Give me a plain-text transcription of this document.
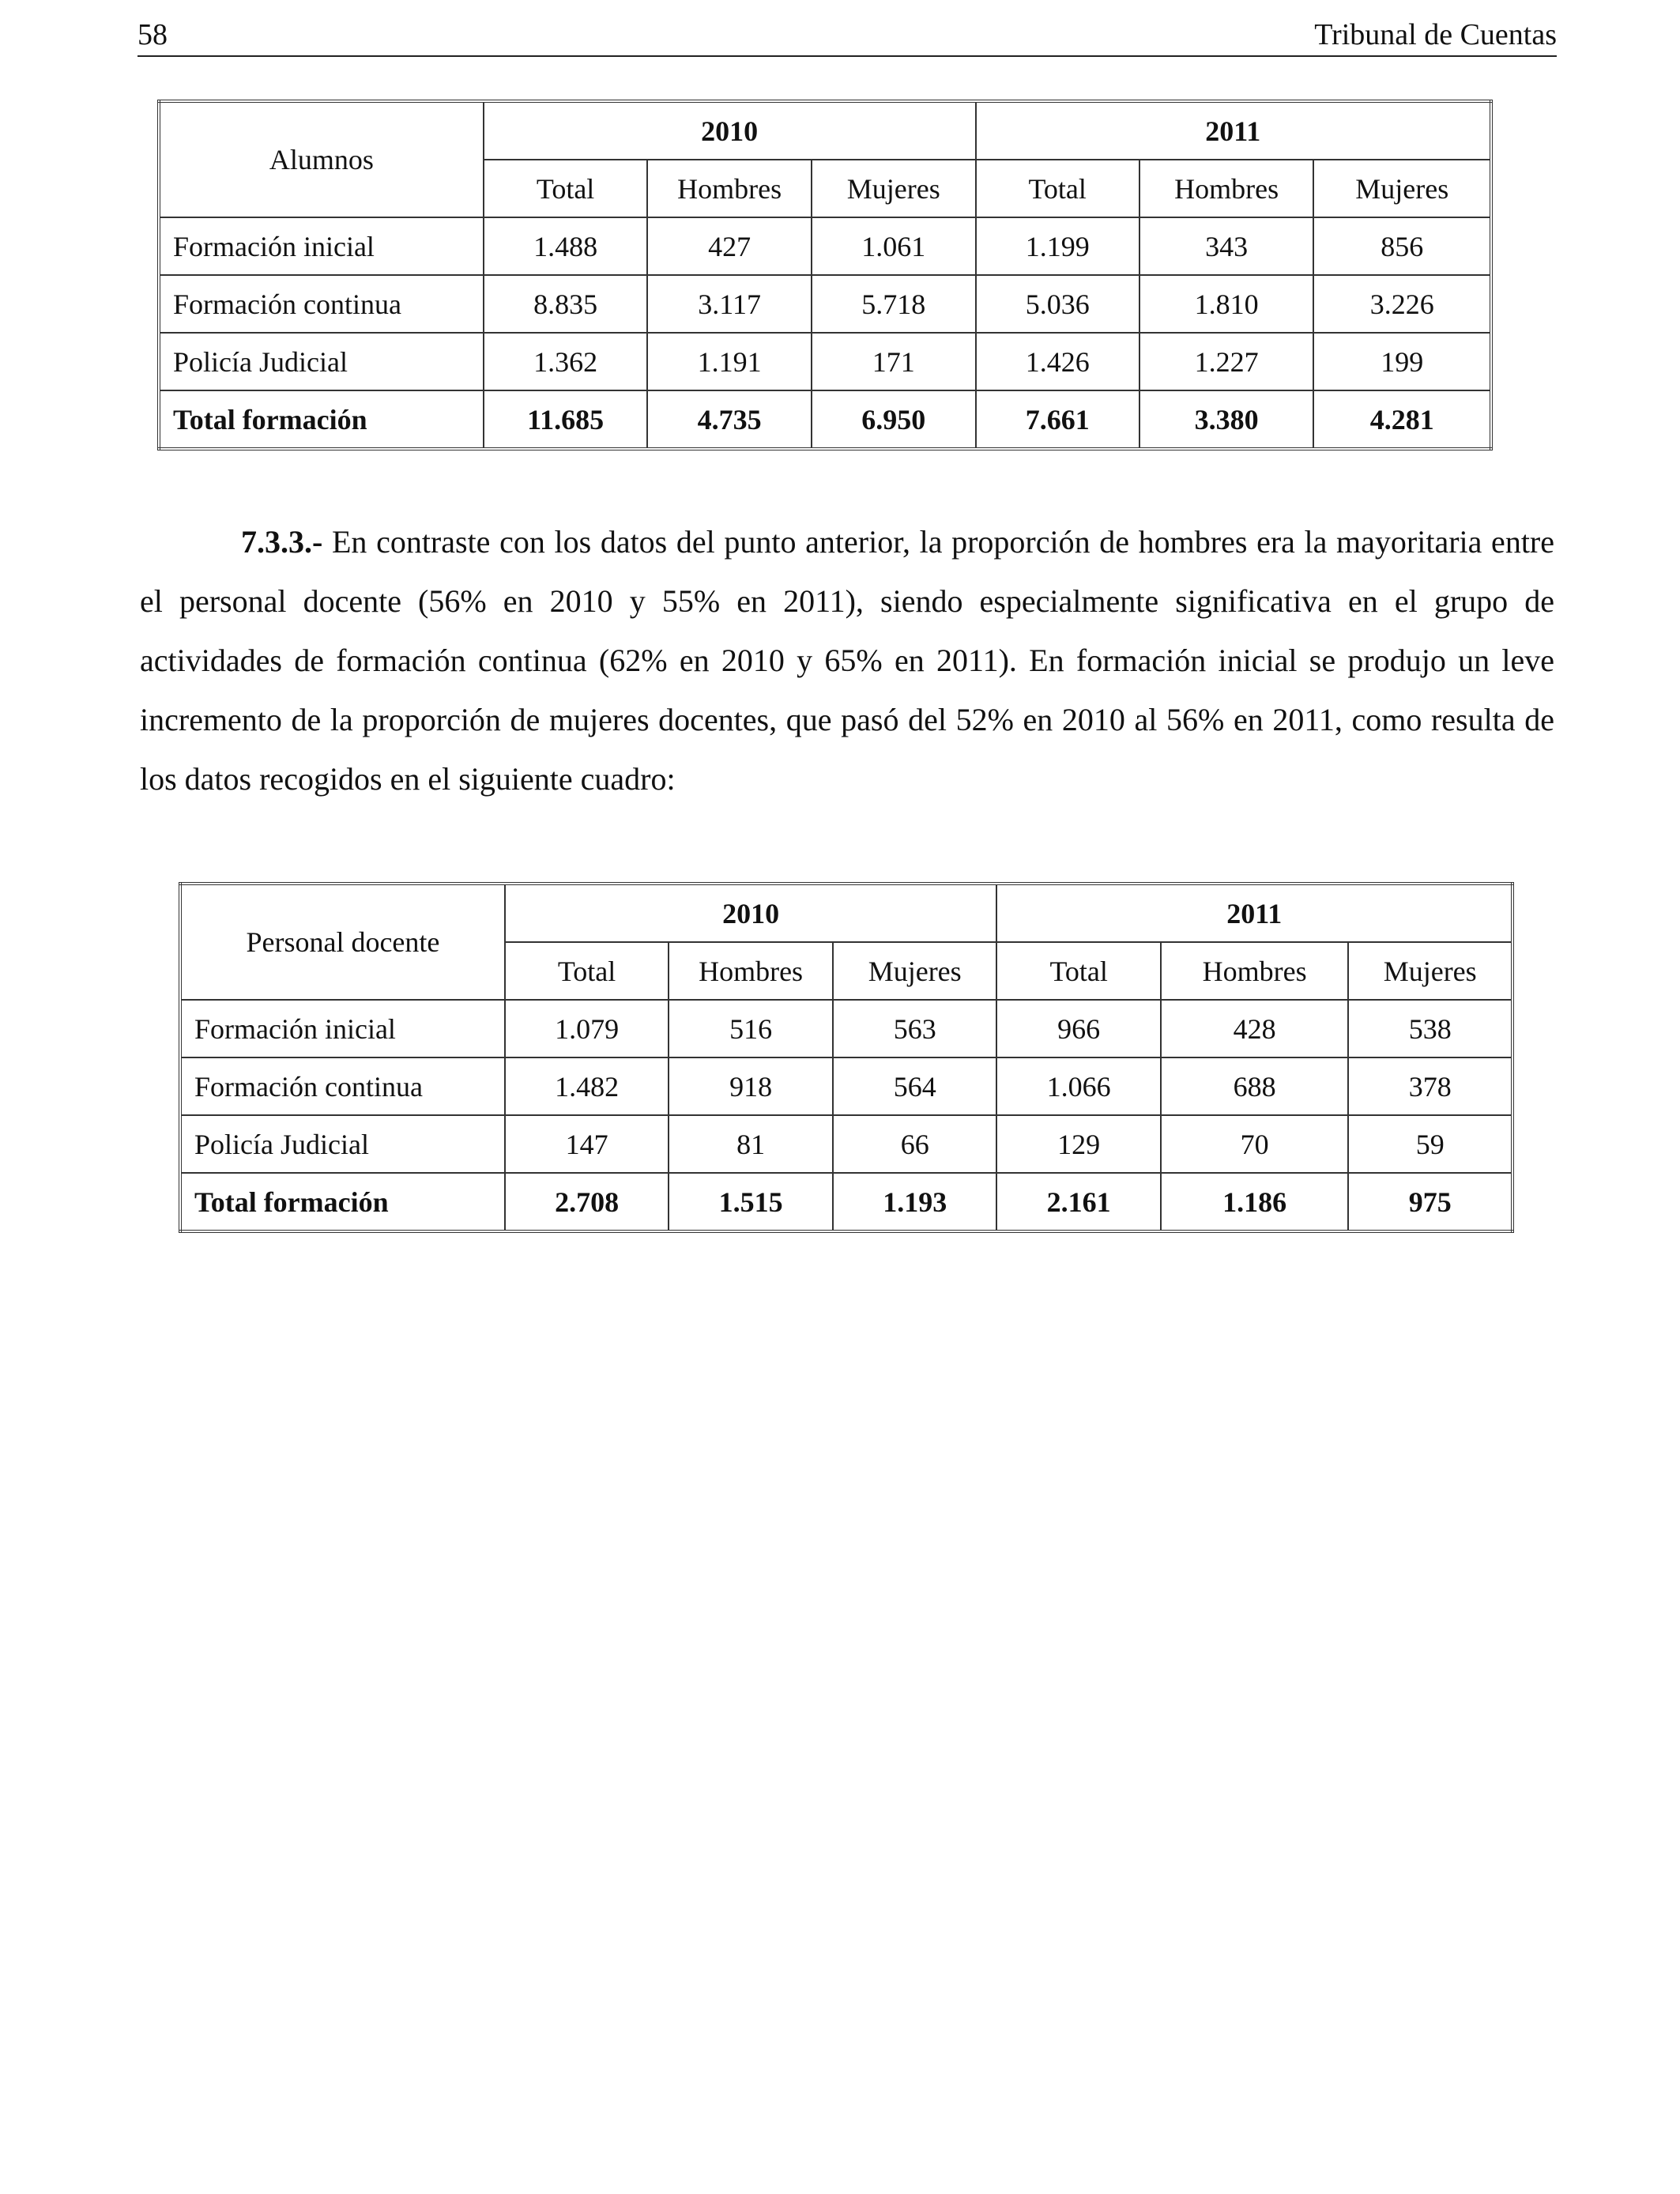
58	Tribunal de Cuentas
Alumnos	2010			2011		
	Total	Hombres	Mujeres	Total	Hombres	Mujeres
Formación inicial	1.488	427	1.061	1.199	343	856
Formación continua	8.835	3.117	5.718	5.036	1.810	3.226
Policía Judicial	1.362	1.191	171	1.426	1.227	199
Total formación	11.685	4.735	6.950	7.661	3.380	4.281

7.3.3.- En contraste con los datos del punto anterior, la proporción de hombres era la mayoritaria entre el personal docente (56% en 2010 y 55% en 2011), siendo especialmente significativa en el grupo de actividades de formación continua (62% en 2010 y 65% en 2011). En formación inicial se produjo un leve incremento de la proporción de mujeres docentes, que pasó del 52% en 2010 al 56% en 2011, como resulta de los datos recogidos en el siguiente cuadro:

Personal docente	2010			2011		
	Total	Hombres	Mujeres	Total	Hombres	Mujeres
Formación inicial	1.079	516	563	966	428	538
Formación continua	1.482	918	564	1.066	688	378
Policía Judicial	147	81	66	129	70	59
Total formación	2.708	1.515	1.193	2.161	1.186	975
